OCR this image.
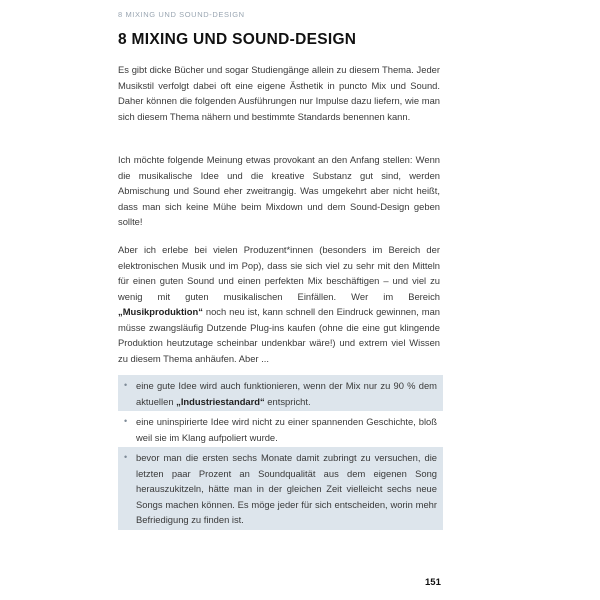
8 MIXING UND SOUND-DESIGN
8 MIXING UND SOUND-DESIGN

Es gibt dicke Bücher und sogar Studiengänge allein zu diesem Thema. Jeder Musikstil verfolgt dabei oft eine eigene Ästhetik in puncto Mix und Sound. Daher können die folgenden Ausführungen nur Impulse dazu liefern, wie man sich diesem Thema nähern und bestimmte Standards benennen kann.

Ich möchte folgende Meinung etwas provokant an den Anfang stellen: Wenn die musikalische Idee und die kreative Substanz gut sind, werden Abmischung und Sound eher zweitrangig. Was umgekehrt aber nicht heißt, dass man sich keine Mühe beim Mixdown und dem Sound-Design geben sollte!

Aber ich erlebe bei vielen Produzent*innen (besonders im Bereich der elektronischen Musik und im Pop), dass sie sich viel zu sehr mit den Mitteln für einen guten Sound und einen perfekten Mix beschäftigen – und viel zu wenig mit guten musikalischen Einfällen. Wer im Bereich „Musikproduktion“ noch neu ist, kann schnell den Eindruck gewinnen, man müsse zwangsläufig Dutzende Plug-ins kaufen (ohne die eine gut klingende Produktion heutzutage scheinbar undenkbar wäre!) und extrem viel Wissen zu diesem Thema anhäufen. Aber ...

• eine gute Idee wird auch funktionieren, wenn der Mix nur zu 90 % dem aktuellen „Industriestandard“ entspricht.
• eine uninspirierte Idee wird nicht zu einer spannenden Geschichte, bloß weil sie im Klang aufpoliert wurde.
• bevor man die ersten sechs Monate damit zubringt zu versuchen, die letzten paar Prozent an Soundqualität aus dem eigenen Song herauszukitzeln, hätte man in der gleichen Zeit vielleicht sechs neue Songs machen können. Es möge jeder für sich entscheiden, worin mehr Befriedigung zu finden ist.
151
